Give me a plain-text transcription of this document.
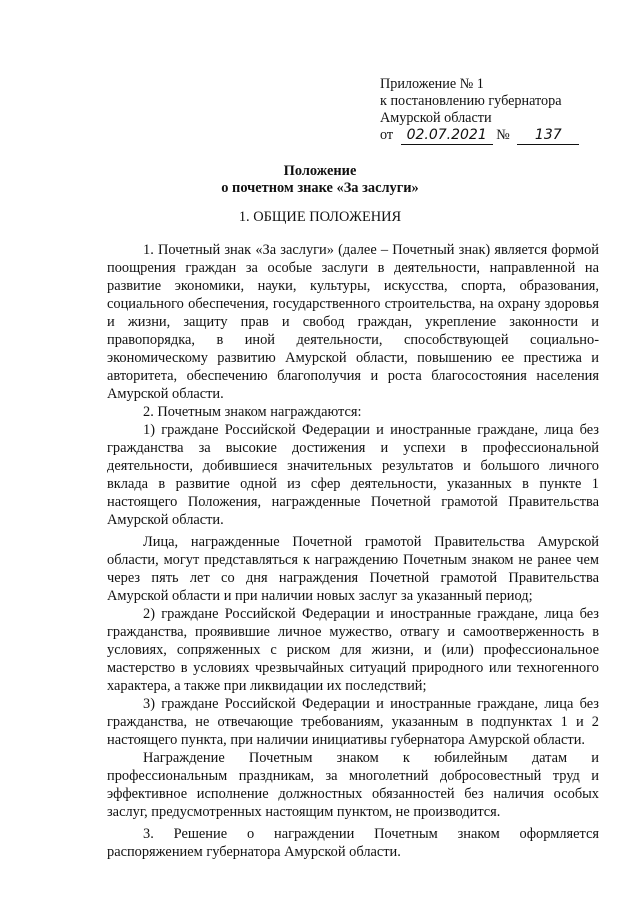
Приложение № 1
к постановлению губернатора
Амурской области
от 02.07.2021 № 137
Положение
о почетном знаке «За заслуги»
1. ОБЩИЕ ПОЛОЖЕНИЯ

1. Почетный знак «За заслуги» (далее – Почетный знак) является формой поощрения граждан за особые заслуги в деятельности, направленной на развитие экономики, науки, культуры, искусства, спорта, образования, социального обеспечения, государственного строительства, на охрану здоровья и жизни, защиту прав и свобод граждан, укрепление законности и правопорядка, в иной деятельности, способствующей социально-экономическому развитию Амурской области, повышению ее престижа и авторитета, обеспечению благополучия и роста благосостояния населения Амурской области.

2. Почетным знаком награждаются:

1) граждане Российской Федерации и иностранные граждане, лица без гражданства за высокие достижения и успехи в профессиональной деятельности, добившиеся значительных результатов и большого личного вклада в развитие одной из сфер деятельности, указанных в пункте 1 настоящего Положения, награжденные Почетной грамотой Правительства Амурской области.

Лица, награжденные Почетной грамотой Правительства Амурской области, могут представляться к награждению Почетным знаком не ранее чем через пять лет со дня награждения Почетной грамотой Правительства Амурской области и при наличии новых заслуг за указанный период;

2) граждане Российской Федерации и иностранные граждане, лица без гражданства, проявившие личное мужество, отвагу и самоотверженность в условиях, сопряженных с риском для жизни, и (или) профессиональное мастерство в условиях чрезвычайных ситуаций природного или техногенного характера, а также при ликвидации их последствий;

3) граждане Российской Федерации и иностранные граждане, лица без гражданства, не отвечающие требованиям, указанным в подпунктах 1 и 2 настоящего пункта, при наличии инициативы губернатора Амурской области.

Награждение Почетным знаком к юбилейным датам и профессиональным праздникам, за многолетний добросовестный труд и эффективное исполнение должностных обязанностей без наличия особых заслуг, предусмотренных настоящим пунктом, не производится.

3. Решение о награждении Почетным знаком оформляется распоряжением губернатора Амурской области.
